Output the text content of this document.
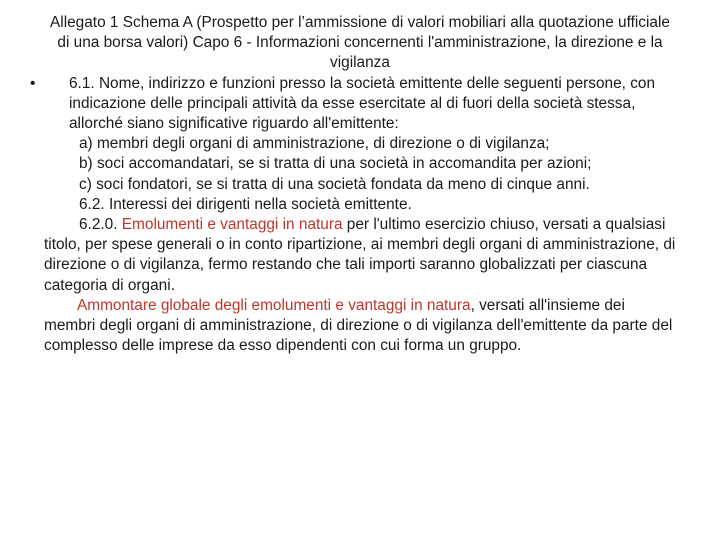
Allegato 1 Schema A (Prospetto per l’ammissione di valori mobiliari alla quotazione ufficiale di una borsa valori) Capo 6 - Informazioni concernenti l'amministrazione, la direzione e la vigilanza

• 6.1. Nome, indirizzo e funzioni presso la società emittente delle seguenti persone, con indicazione delle principali attività da esse esercitate al di fuori della società stessa, allorché siano significative riguardo all'emittente:

a) membri degli organi di amministrazione, di direzione o di vigilanza;

b) soci accomandatari, se si tratta di una società in accomandita per azioni;

c) soci fondatori, se si tratta di una società fondata da meno di cinque anni.

6.2. Interessi dei dirigenti nella società emittente.

6.2.0. Emolumenti e vantaggi in natura per l'ultimo esercizio chiuso, versati a qualsiasi titolo, per spese generali o in conto ripartizione, ai membri degli organi di amministrazione, di direzione o di vigilanza, fermo restando che tali importi saranno globalizzati per ciascuna categoria di organi.

Ammontare globale degli emolumenti e vantaggi in natura, versati all'insieme dei membri degli organi di amministrazione, di direzione o di vigilanza dell'emittente da parte del complesso delle imprese da esso dipendenti con cui forma un gruppo.
